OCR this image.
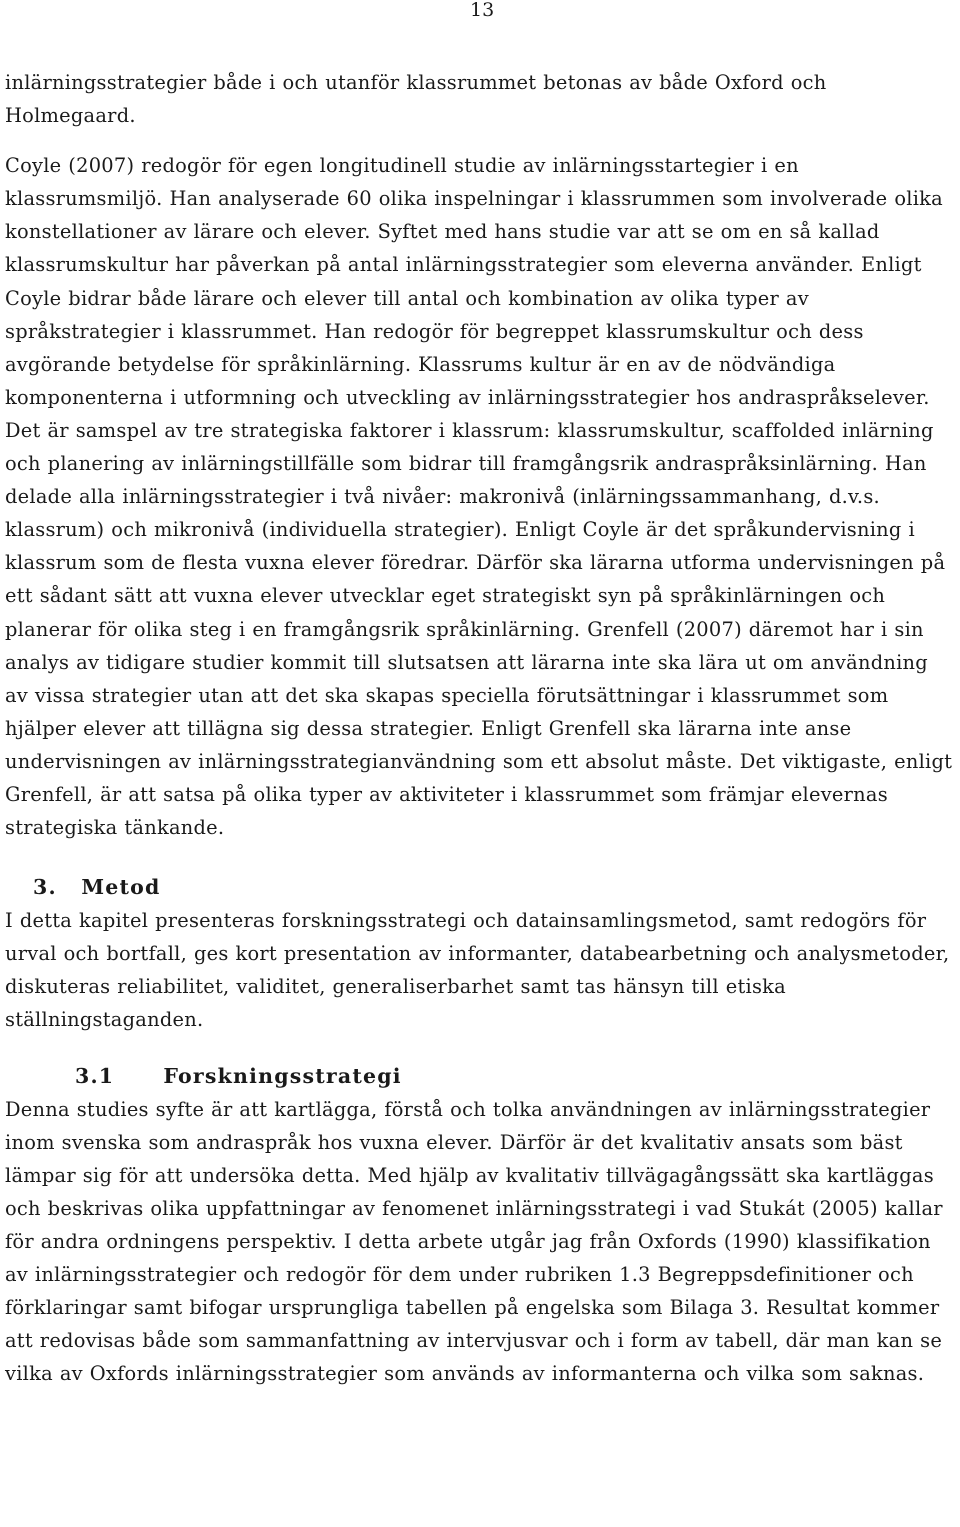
13

inlärningsstrategier både i och utanför klassrummet betonas av både Oxford och Holmegaard.

Coyle (2007) redogör för egen longitudinell studie av inlärningsstartegier i en klassrumsmiljö. Han analyserade 60 olika inspelningar i klassrummen som involverade olika konstellationer av lärare och elever. Syftet med hans studie var att se om en så kallad klassrumskultur har påverkan på antal inlärningsstrategier som eleverna använder. Enligt Coyle bidrar både lärare och elever till antal och kombination av olika typer av språkstrategier i klassrummet. Han redogör för begreppet klassrumskultur och dess avgörande betydelse för språkinlärning. Klassrums kultur är en av de nödvändiga komponenterna i utformning och utveckling av inlärningsstrategier hos andraspråkselever. Det är samspel av tre strategiska faktorer i klassrum: klassrumskultur, scaffolded inlärning och planering av inlärningstillfälle som bidrar till framgångsrik andraspråksinlärning. Han delade alla inlärningsstrategier i två nivåer: makronivå (inlärningssammanhang, d.v.s. klassrum) och mikronivå (individuella strategier). Enligt Coyle är det språkundervisning i klassrum som de flesta vuxna elever föredrar. Därför ska lärarna utforma undervisningen på ett sådant sätt att vuxna elever utvecklar eget strategiskt syn på språkinlärningen och planerar för olika steg i en framgångsrik språkinlärning. Grenfell (2007) däremot har i sin analys av tidigare studier kommit till slutsatsen att lärarna inte ska lära ut om användning av vissa strategier utan att det ska skapas speciella förutsättningar i klassrummet som hjälper elever att tillägna sig dessa strategier. Enligt Grenfell ska lärarna inte anse undervisningen av inlärningsstrategianvändning som ett absolut måste. Det viktigaste, enligt Grenfell, är att satsa på olika typer av aktiviteter i klassrummet som främjar elevernas strategiska tänkande.

3. Metod

I detta kapitel presenteras forskningsstrategi och datainsamlingsmetod, samt redogörs för urval och bortfall, ges kort presentation av informanter, databearbetning och analysmetoder, diskuteras reliabilitet, validitet, generaliserbarhet samt tas hänsyn till etiska ställningstaganden.

3.1 Forskningsstrategi

Denna studies syfte är att kartlägga, förstå och tolka användningen av inlärningsstrategier inom svenska som andraspråk hos vuxna elever. Därför är det kvalitativ ansats som bäst lämpar sig för att undersöka detta. Med hjälp av kvalitativ tillvägagångssätt ska kartläggas och beskrivas olika uppfattningar av fenomenet inlärningsstrategi i vad Stukát (2005) kallar för andra ordningens perspektiv. I detta arbete utgår jag från Oxfords (1990) klassifikation av inlärningsstrategier och redogör för dem under rubriken 1.3 Begreppsdefinitioner och förklaringar samt bifogar ursprungliga tabellen på engelska som Bilaga 3. Resultat kommer att redovisas både som sammanfattning av intervjusvar och i form av tabell, där man kan se vilka av Oxfords inlärningsstrategier som används av informanterna och vilka som saknas.
